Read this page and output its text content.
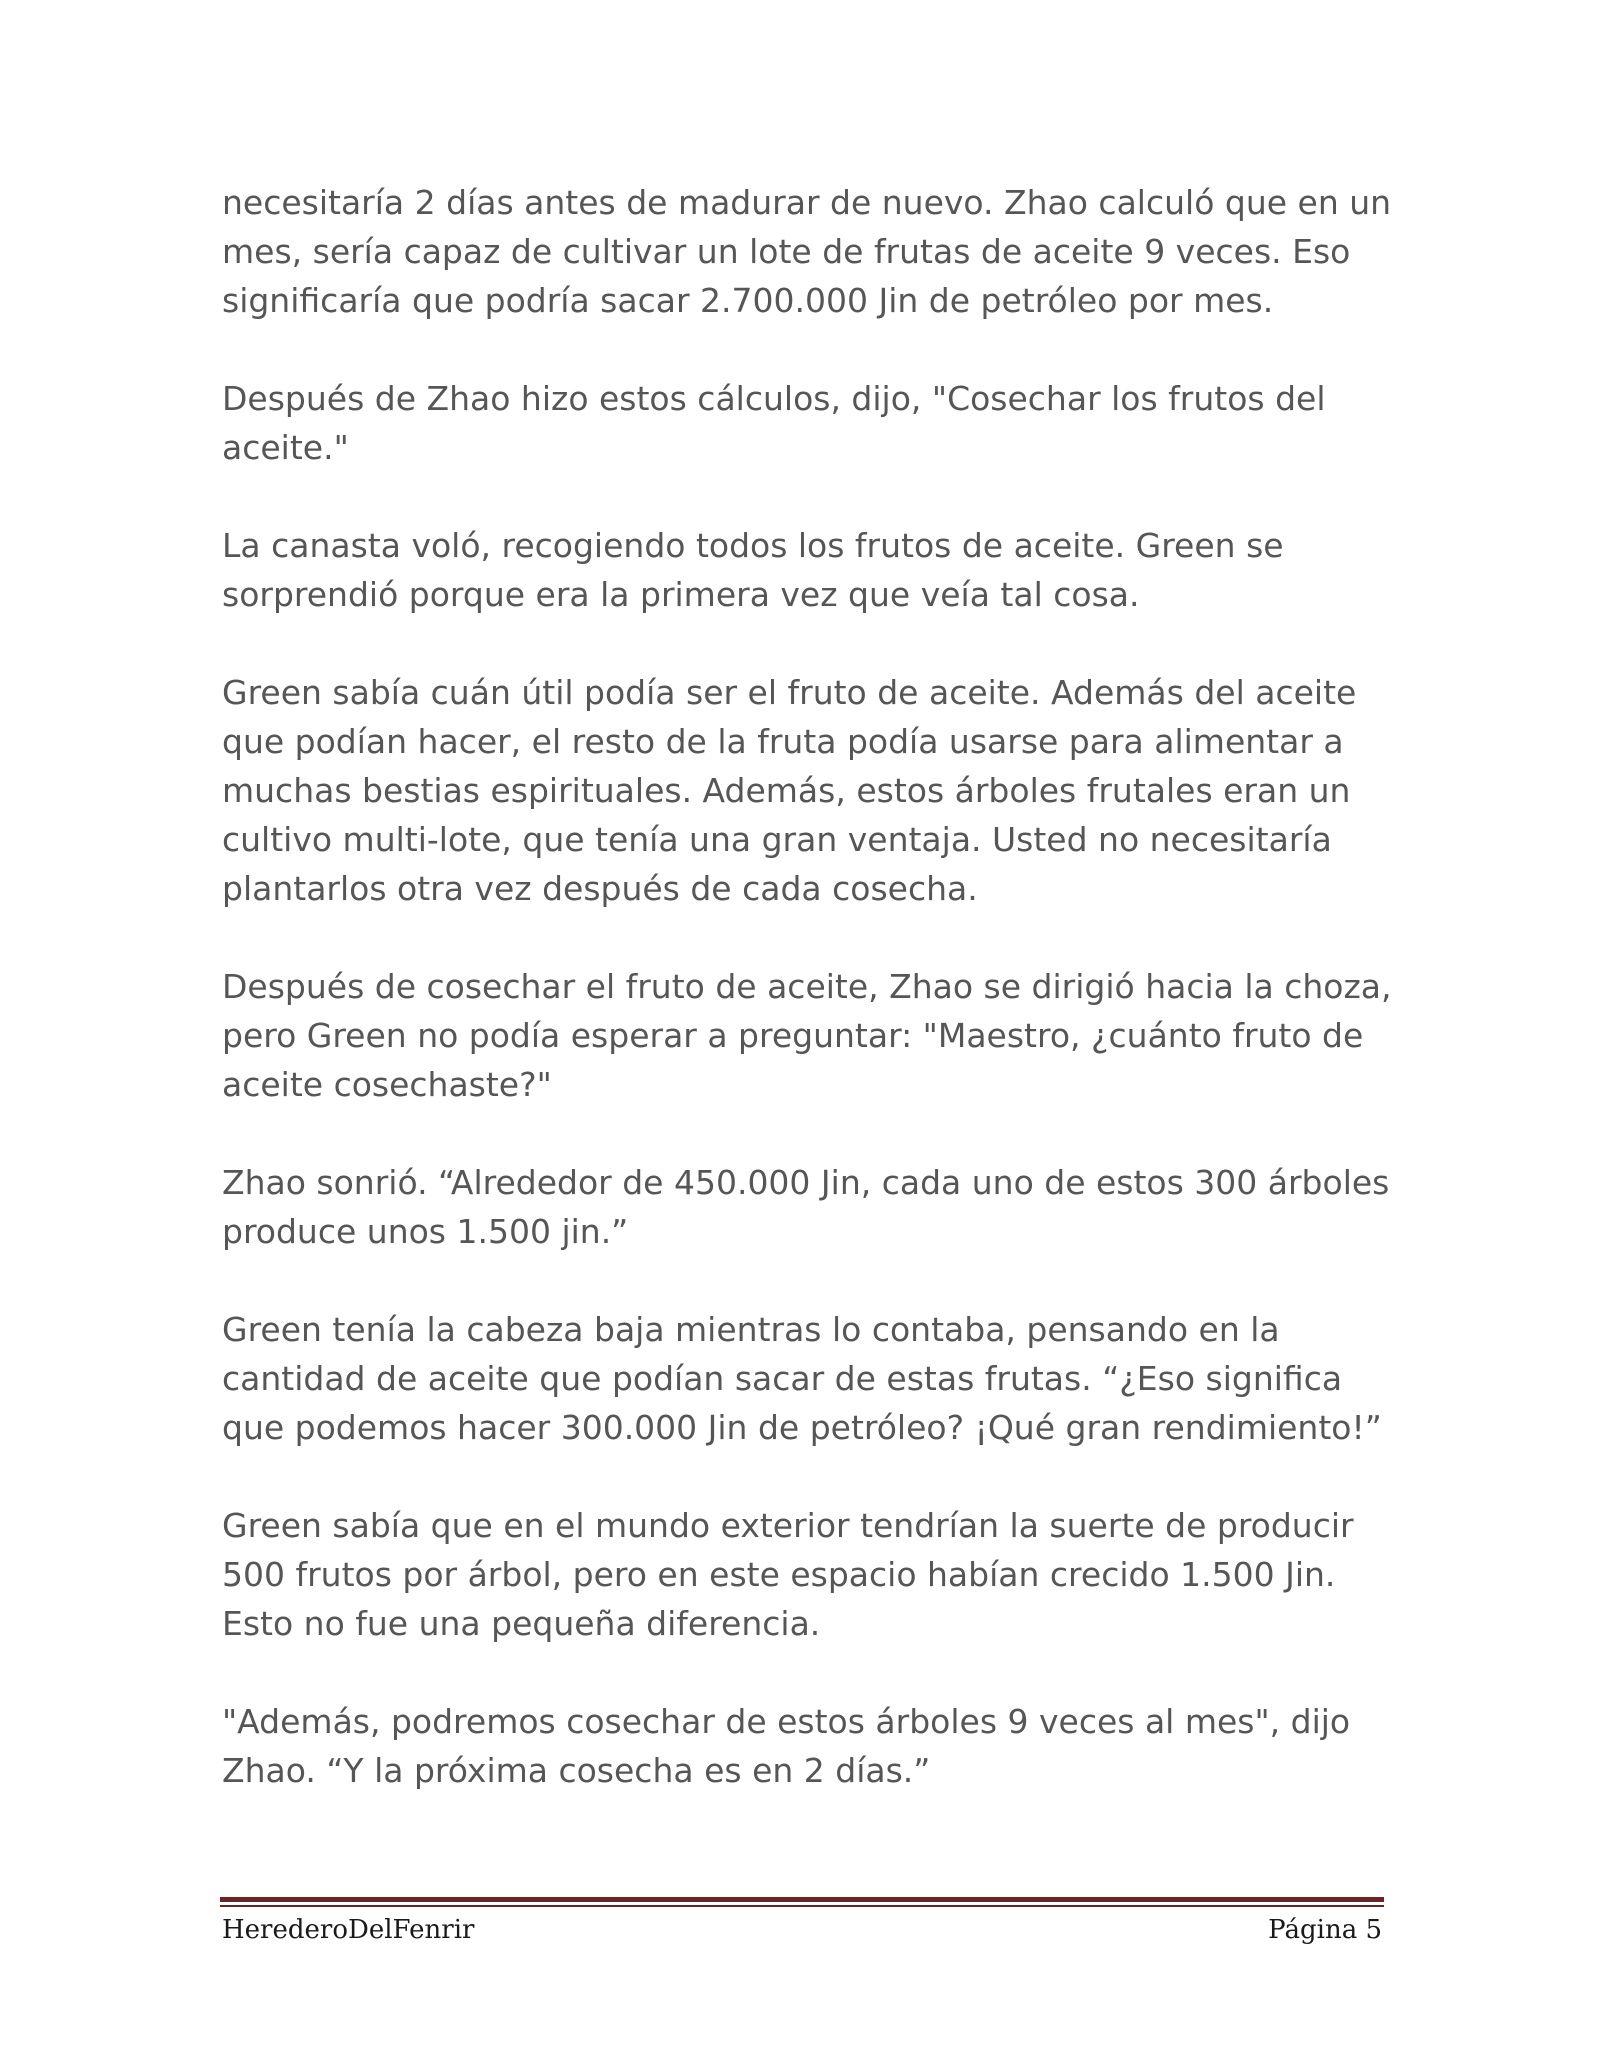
necesitaría 2 días antes de madurar de nuevo. Zhao calculó que en un mes, sería capaz de cultivar un lote de frutas de aceite 9 veces. Eso significaría que podría sacar 2.700.000 Jin de petróleo por mes.

Después de Zhao hizo estos cálculos, dijo, "Cosechar los frutos del aceite."

La canasta voló, recogiendo todos los frutos de aceite. Green se sorprendió porque era la primera vez que veía tal cosa.

Green sabía cuán útil podía ser el fruto de aceite. Además del aceite que podían hacer, el resto de la fruta podía usarse para alimentar a muchas bestias espirituales. Además, estos árboles frutales eran un cultivo multi-lote, que tenía una gran ventaja. Usted no necesitaría plantarlos otra vez después de cada cosecha.

Después de cosechar el fruto de aceite, Zhao se dirigió hacia la choza, pero Green no podía esperar a preguntar: "Maestro, ¿cuánto fruto de aceite cosechaste?"

Zhao sonrió. “Alrededor de 450.000 Jin, cada uno de estos 300 árboles produce unos 1.500 jin.”

Green tenía la cabeza baja mientras lo contaba, pensando en la cantidad de aceite que podían sacar de estas frutas. “¿Eso significa que podemos hacer 300.000 Jin de petróleo? ¡Qué gran rendimiento!”

Green sabía que en el mundo exterior tendrían la suerte de producir 500 frutos por árbol, pero en este espacio habían crecido 1.500 Jin. Esto no fue una pequeña diferencia.

"Además, podremos cosechar de estos árboles 9 veces al mes", dijo Zhao. “Y la próxima cosecha es en 2 días.”

HerederoDelFenrir	Página 5
